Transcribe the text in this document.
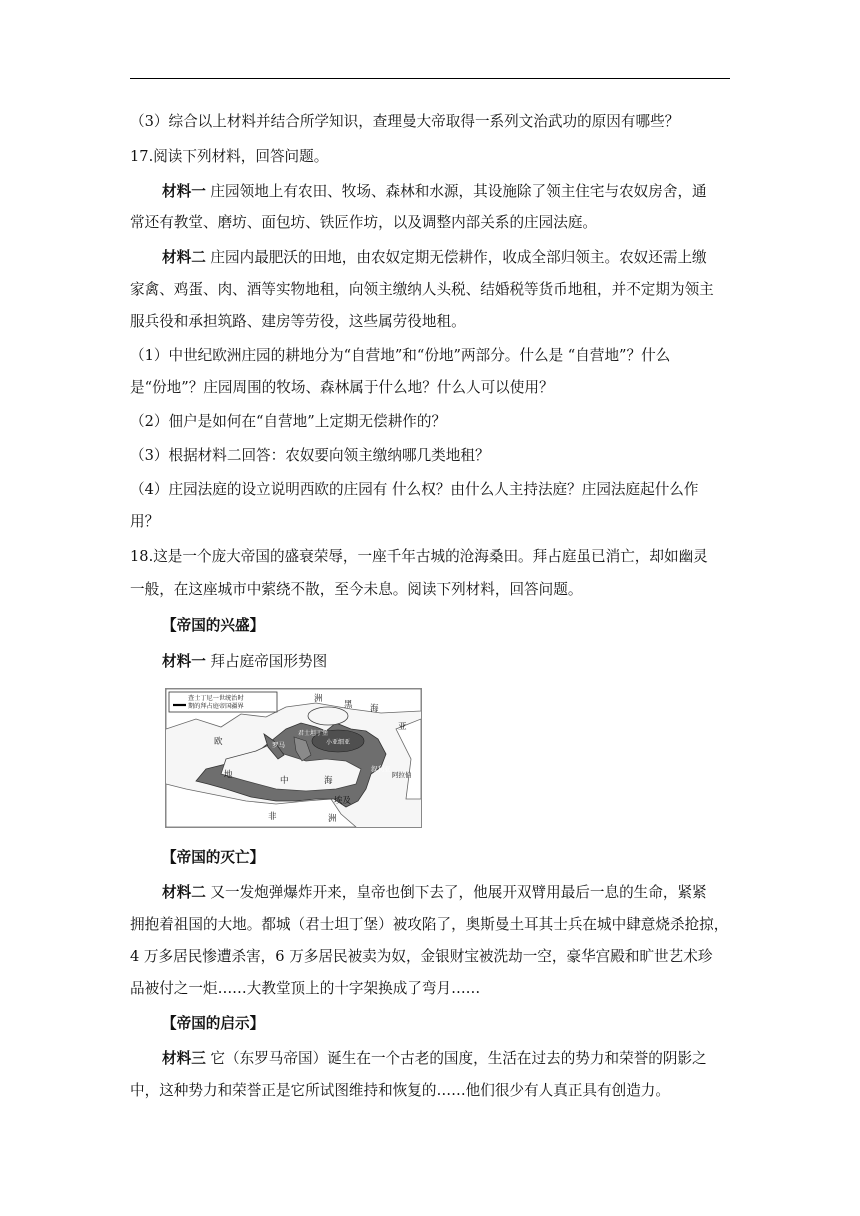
（3）综合以上材料并结合所学知识，查理曼大帝取得一系列文治武功的原因有哪些？
17.阅读下列材料，回答问题。
材料一 庄园领地上有农田、牧场、森林和水源，其设施除了领主住宅与农奴房舍，通
常还有教堂、磨坊、面包坊、铁匠作坊，以及调整内部关系的庄园法庭。
材料二 庄园内最肥沃的田地，由农奴定期无偿耕作，收成全部归领主。农奴还需上缴
家禽、鸡蛋、肉、酒等实物地租，向领主缴纳人头税、结婚税等货币地租，并不定期为领主
服兵役和承担筑路、建房等劳役，这些属劳役地租。
（1）中世纪欧洲庄园的耕地分为“自营地”和“份地”两部分。什么是 “自营地”？什么
是“份地”？庄园周围的牧场、森林属于什么地？什么人可以使用？
（2）佃户是如何在“自营地”上定期无偿耕作的？
（3）根据材料二回答：农奴要向领主缴纳哪几类地租？
（4）庄园法庭的设立说明西欧的庄园有 什么权？由什么人主持法庭？庄园法庭起什么作
用？
18.这是一个庞大帝国的盛衰荣辱，一座千年古城的沧海桑田。拜占庭虽已消亡，却如幽灵
一般，在这座城市中萦绕不散，至今未息。阅读下列材料，回答问题。
【帝国的兴盛】
材料一 拜占庭帝国形势图
查士丁尼一世统治时
期的拜占庭帝国疆界
洲
黑 海
亚
欧	罗马
君士坦丁堡
小亚细亚
地
中	海
叙利亚
阿拉伯
非
埃及
洲
【帝国的灭亡】
材料二 又一发炮弹爆炸开来，皇帝也倒下去了，他展开双臂用最后一息的生命，紧紧
拥抱着祖国的大地。都城（君士坦丁堡）被攻陷了，奥斯曼土耳其士兵在城中肆意烧杀抢掠，
4 万多居民惨遭杀害，6 万多居民被卖为奴，金银财宝被洗劫一空，豪华宫殿和旷世艺术珍
品被付之一炬……大教堂顶上的十字架换成了弯月……
【帝国的启示】
材料三 它（东罗马帝国）诞生在一个古老的国度，生活在过去的势力和荣誉的阴影之
中，这种势力和荣誉正是它所试图维持和恢复的……他们很少有人真正具有创造力。
